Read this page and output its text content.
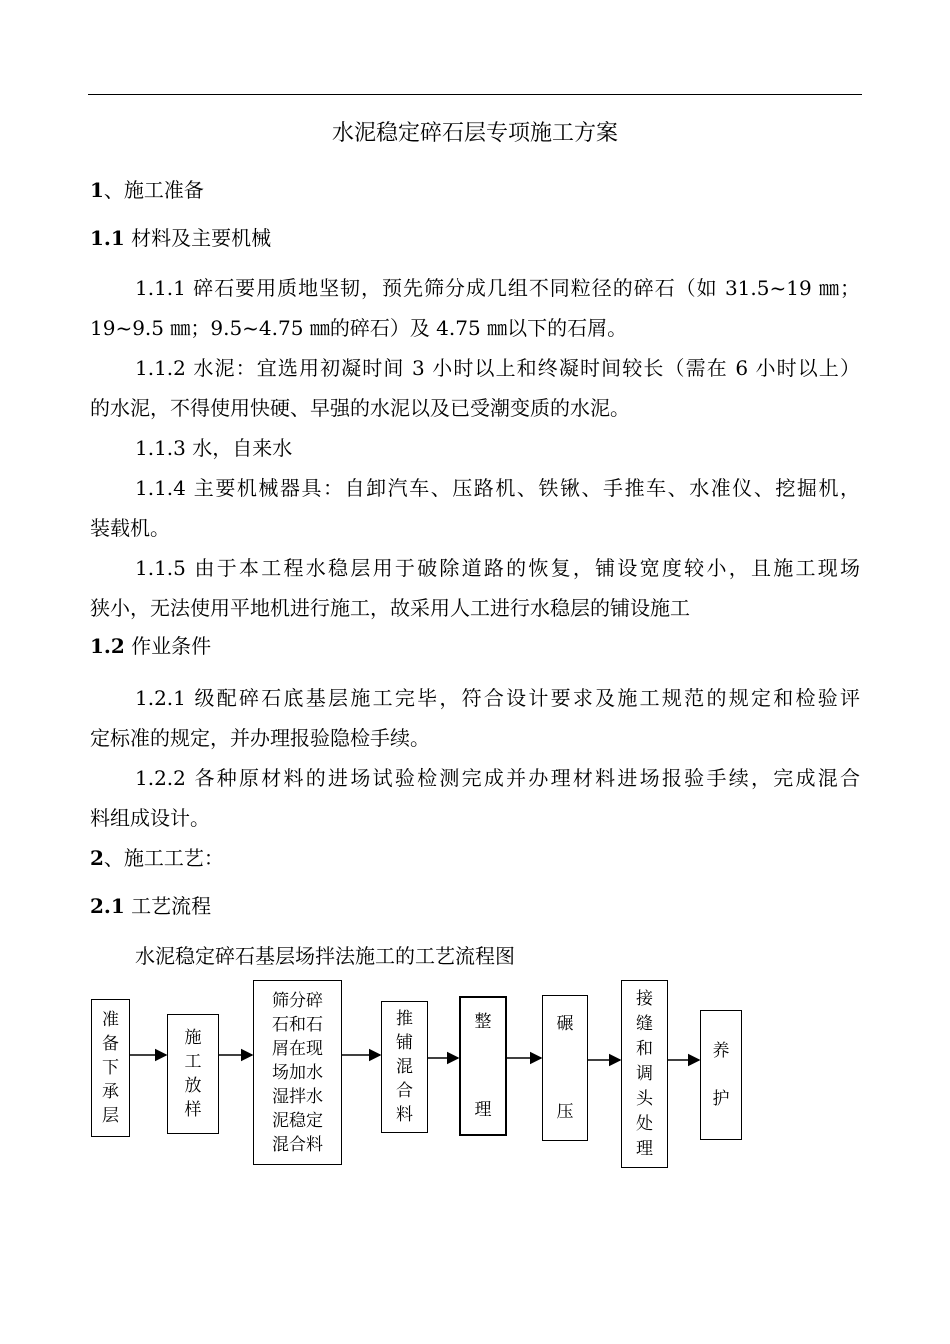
水泥稳定碎石层专项施工方案
1、施工准备
1.1 材料及主要机械
1.1.1 碎石要用质地坚韧，预先筛分成几组不同粒径的碎石（如 31.5~19 ㎜；
19~9.5 ㎜；9.5~4.75 ㎜的碎石）及 4.75 ㎜以下的石屑。
1.1.2 水泥：宜选用初凝时间 3 小时以上和终凝时间较长（需在 6 小时以上）
的水泥，不得使用快硬、早强的水泥以及已受潮变质的水泥。
1.1.3 水，自来水
1.1.4 主要机械器具：自卸汽车、压路机、铁锹、手推车、水准仪、挖掘机，
装载机。
1.1.5 由于本工程水稳层用于破除道路的恢复，铺设宽度较小，且施工现场
狭小，无法使用平地机进行施工，故采用人工进行水稳层的铺设施工
1.2 作业条件
1.2.1 级配碎石底基层施工完毕，符合设计要求及施工规范的规定和检验评
定标准的规定，并办理报验隐检手续。
1.2.2 各种原材料的进场试验检测完成并办理材料进场报验手续，完成混合
料组成设计。
2、施工工艺：
2.1 工艺流程
水泥稳定碎石基层场拌法施工的工艺流程图
准
备
下
承
层
施
工
放
样
筛分碎
石和石
屑在现
场加水
湿拌水
泥稳定
混合料
推
铺
混
合
料
整

理
碾

压
接
缝
和
调
头
处
理
养

护
